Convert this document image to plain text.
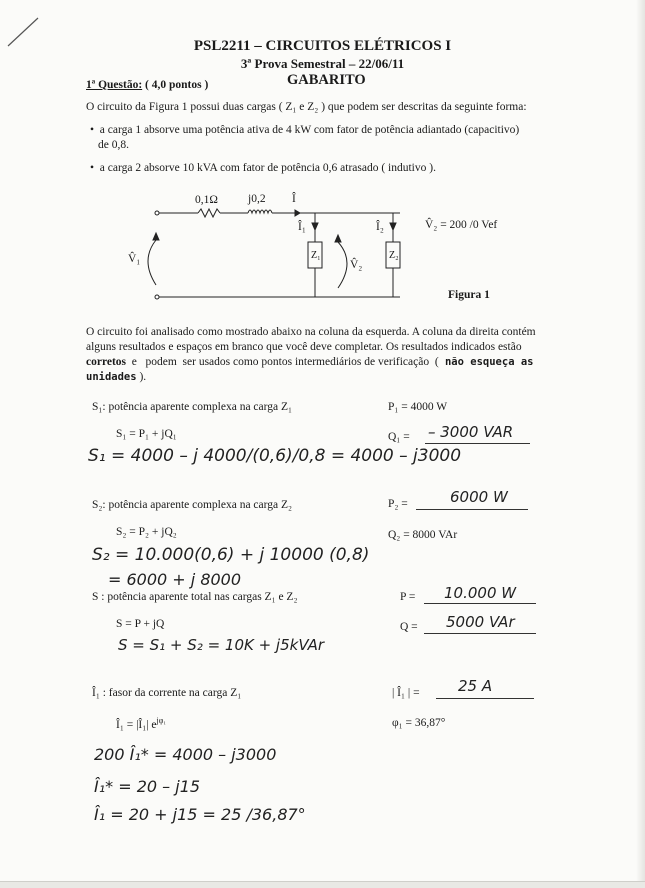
PSL2211 – CIRCUITOS ELÉTRICOS I
3ª Prova Semestral – 22/06/11
GABARITO
1ª Questão: ( 4,0 pontos )
O circuito da Figura 1 possui duas cargas ( Z₁ e Z₂ ) que podem ser descritas da seguinte forma:
•  a carga 1 absorve uma potência ativa de 4 kW com fator de potência adiantado (capacitivo)
de 0,8.
•  a carga 2 absorve 10 kVA com fator de potência 0,6 atrasado ( indutivo ).
0,1Ω	j0,2 Î
Î₁	Î₂
Z₁	Z₂
V̂₁	V̂₂
V̂₂ = 200 /0 Vef
Figura 1
O circuito foi analisado como mostrado abaixo na coluna da esquerda. A coluna da direita contém
alguns resultados e espaços em branco que você deve completar. Os resultados indicados estão
corretos  e   podem  ser usados como pontos intermediários de verificação  ( não esqueça as
unidades ).
S₁: potência aparente complexa na carga Z₁
S₁ = P₁ + jQ₁
S₁ = 4000 – j 4000/(0,6)/0,8 = 4000 – j3000
P₁ = 4000 W
Q₁ = – 3000 VAR
S₂: potência aparente complexa na carga Z₂
S₂ = P₂ + jQ₂
S₂ = 10.000(0,6) + j 10000 (0,8)
= 6000 + j 8000
P₂ =	6000 W
Q₂ = 8000 VAr
S : potência aparente total nas cargas Z₁ e Z₂
S = P + jQ
S = S₁ + S₂ = 10K + j5kVAr
P = 10.000 W
Q = 5000 VAr
Î₁ : fasor da corrente na carga Z₁
Î₁ = |Î₁| $e^{j\varphi_1}$
| Î₁ | =	25 A
φ₁ = 36,87°
200 Î₁* = 4000 – j3000
Î₁* = 20 – j15
Î₁ = 20 + j15 = 25 /36,87°
